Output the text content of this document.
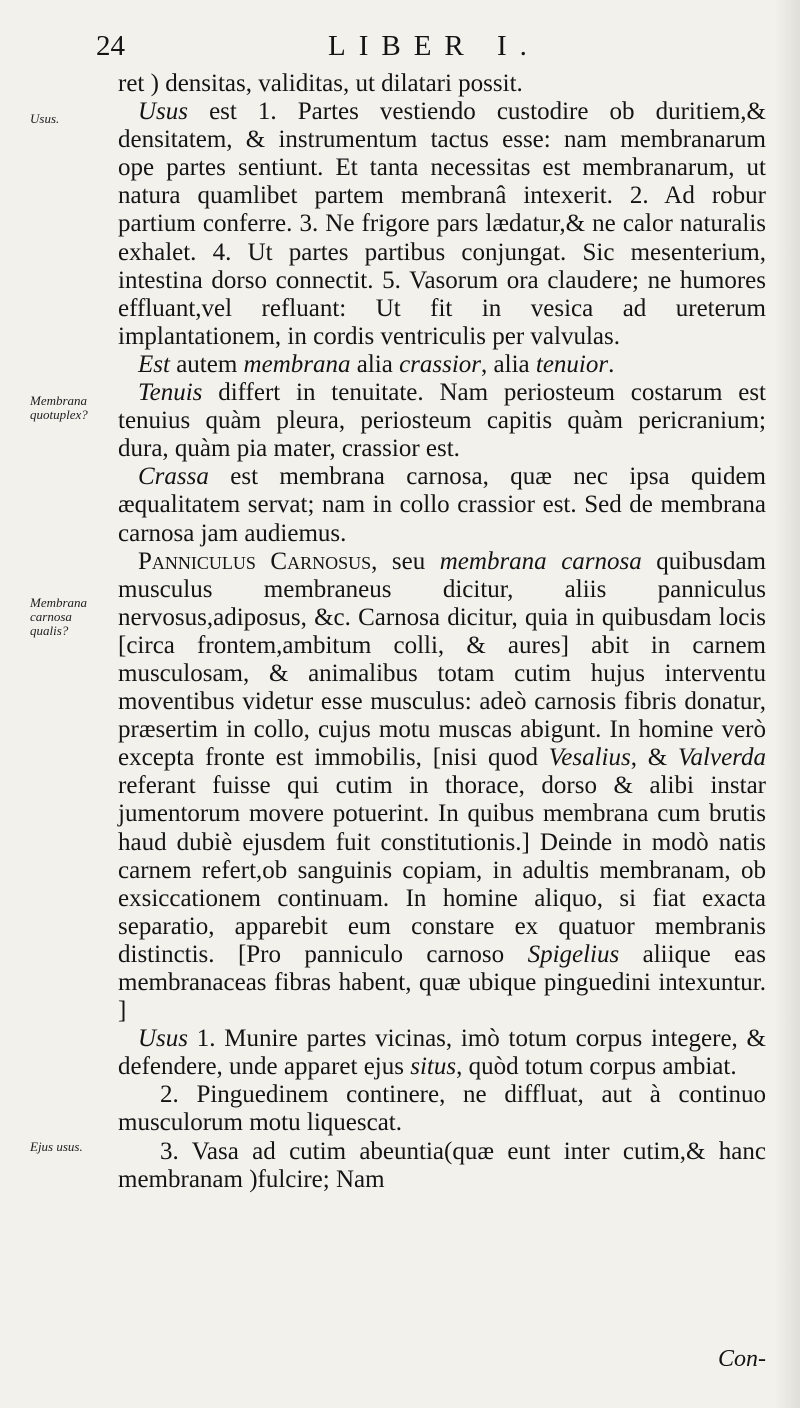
24	LIBER I.
Usus.
Membrana quotuplex?
Membrana carnosa qualis?
Ejus usus.

ret ) densitas, validitas, ut dilatari possit.

Usus est 1. Partes vestiendo custodire ob duritiem,& densitatem, & instrumentum tactus esse: nam membranarum ope partes sentiunt. Et tanta necessitas est membranarum, ut natura quamlibet partem membranâ intexerit. 2. Ad robur partium conferre. 3. Ne frigore pars lædatur,& ne calor naturalis exhalet. 4. Ut partes partibus conjungat. Sic mesenterium, intestina dorso connectit. 5. Vasorum ora claudere; ne humores effluant,vel refluant: Ut fit in vesica ad ureterum implantationem, in cordis ventriculis per valvulas.

Est autem membrana alia crassior, alia tenuior.

Tenuis differt in tenuitate. Nam periosteum costarum est tenuius quàm pleura, periosteum capitis quàm pericranium; dura, quàm pia mater, crassior est.

Crassa est membrana carnosa, quæ nec ipsa quidem æqualitatem servat; nam in collo crassior est. Sed de membrana carnosa jam audiemus.

Panniculus Carnosus, seu membrana carnosa quibusdam musculus membraneus dicitur, aliis panniculus nervosus,adiposus, &c. Carnosa dicitur, quia in quibusdam locis [circa frontem,ambitum colli, & aures] abit in carnem musculosam, & animalibus totam cutim hujus interventu moventibus videtur esse musculus: adeò carnosis fibris donatur, præsertim in collo, cujus motu muscas abigunt. In homine verò excepta fronte est immobilis, [nisi quod Vesalius, & Valverda referant fuisse qui cutim in thorace, dorso & alibi instar jumentorum movere potuerint. In quibus membrana cum brutis haud dubiè ejusdem fuit constitutionis.] Deinde in modò natis carnem refert,ob sanguinis copiam, in adultis membranam, ob exsiccationem continuam. In homine aliquo, si fiat exacta separatio, apparebit eum constare ex quatuor membranis distinctis. [Pro panniculo carnoso Spigelius aliique eas membranaceas fibras habent, quæ ubique pinguedini intexuntur. ]

Usus 1. Munire partes vicinas, imò totum corpus integere, & defendere, unde apparet ejus situs, quòd totum corpus ambiat.

2. Pinguedinem continere, ne diffluat, aut à continuo musculorum motu liquescat.

3. Vasa ad cutim abeuntia(quæ eunt inter cutim,& hanc membranam )fulcire; Nam

Con-
